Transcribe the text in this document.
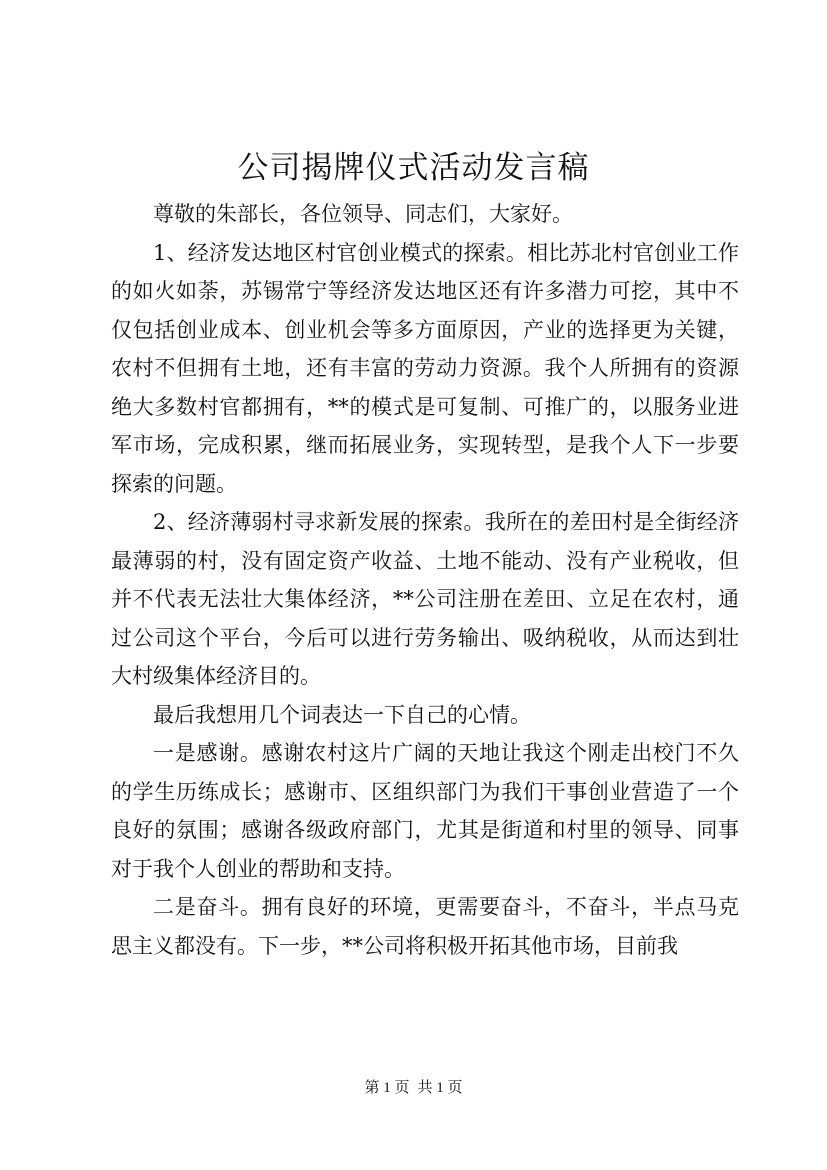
公司揭牌仪式活动发言稿

尊敬的朱部长，各位领导、同志们，大家好。

1、经济发达地区村官创业模式的探索。相比苏北村官创业工作的如火如荼，苏锡常宁等经济发达地区还有许多潜力可挖，其中不仅包括创业成本、创业机会等多方面原因，产业的选择更为关键，农村不但拥有土地，还有丰富的劳动力资源。我个人所拥有的资源绝大多数村官都拥有，**的模式是可复制、可推广的，以服务业进军市场，完成积累，继而拓展业务，实现转型，是我个人下一步要探索的问题。

2、经济薄弱村寻求新发展的探索。我所在的差田村是全街经济最薄弱的村，没有固定资产收益、土地不能动、没有产业税收，但并不代表无法壮大集体经济，**公司注册在差田、立足在农村，通过公司这个平台，今后可以进行劳务输出、吸纳税收，从而达到壮大村级集体经济目的。

最后我想用几个词表达一下自己的心情。

一是感谢。感谢农村这片广阔的天地让我这个刚走出校门不久的学生历练成长；感谢市、区组织部门为我们干事创业营造了一个良好的氛围；感谢各级政府部门，尤其是街道和村里的领导、同事对于我个人创业的帮助和支持。

二是奋斗。拥有良好的环境，更需要奋斗，不奋斗，半点马克思主义都没有。下一步，**公司将积极开拓其他市场，目前我

第 1 页 共 1 页
